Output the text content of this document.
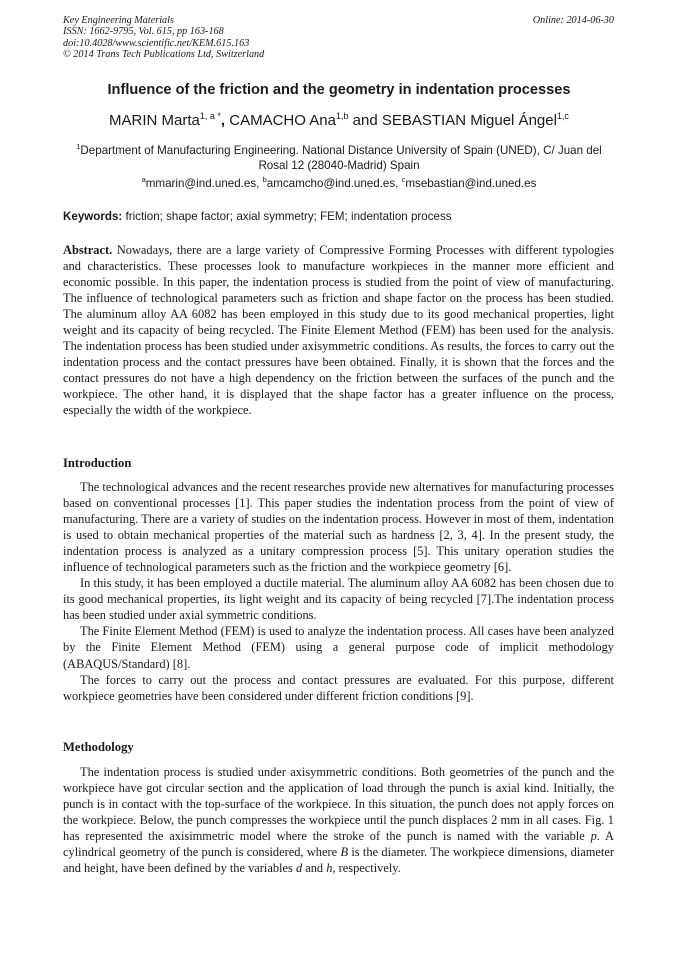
Key Engineering Materials
ISSN: 1662-9795, Vol. 615, pp 163-168
doi:10.4028/www.scientific.net/KEM.615.163
© 2014 Trans Tech Publications Ltd, Switzerland
Online: 2014-06-30
Influence of the friction and the geometry in indentation processes
MARIN Marta$^{1, a *}$, CAMACHO Ana$^{1,b}$ and SEBASTIAN Miguel Ángel$^{1,c}$
$^1$Department of Manufacturing Engineering. National Distance University of Spain (UNED), C/ Juan del Rosal 12 (28040-Madrid) Spain
$^a$mmarin@ind.uned.es, $^b$amcamcho@ind.uned.es, $^c$msebastian@ind.uned.es
Keywords: friction; shape factor; axial symmetry; FEM; indentation process

Abstract. Nowadays, there are a large variety of Compressive Forming Processes with different typologies and characteristics. These processes look to manufacture workpieces in the manner more efficient and economic possible. In this paper, the indentation process is studied from the point of view of manufacturing. The influence of technological parameters such as friction and shape factor on the process has been studied. The aluminum alloy AA 6082 has been employed in this study due to its good mechanical properties, light weight and its capacity of being recycled. The Finite Element Method (FEM) has been used for the analysis. The indentation process has been studied under axisymmetric conditions. As results, the forces to carry out the indentation process and the contact pressures have been obtained. Finally, it is shown that the forces and the contact pressures do not have a high dependency on the friction between the surfaces of the punch and the workpiece. The other hand, it is displayed that the shape factor has a greater influence on the process, especially the width of the workpiece.

Introduction

The technological advances and the recent researches provide new alternatives for manufacturing processes based on conventional processes [1]. This paper studies the indentation process from the point of view of manufacturing. There are a variety of studies on the indentation process. However in most of them, indentation is used to obtain mechanical properties of the material such as hardness [2, 3, 4]. In the present study, the indentation process is analyzed as a unitary compression process [5]. This unitary operation studies the influence of technological parameters such as the friction and the workpiece geometry [6].

In this study, it has been employed a ductile material. The aluminum alloy AA 6082 has been chosen due to its good mechanical properties, its light weight and its capacity of being recycled [7].The indentation process has been studied under axial symmetric conditions.

The Finite Element Method (FEM) is used to analyze the indentation process. All cases have been analyzed by the Finite Element Method (FEM) using a general purpose code of implicit methodology (ABAQUS/Standard) [8].

The forces to carry out the process and contact pressures are evaluated. For this purpose, different workpiece geometries have been considered under different friction conditions [9].

Methodology

The indentation process is studied under axisymmetric conditions. Both geometries of the punch and the workpiece have got circular section and the application of load through the punch is axial kind. Initially, the punch is in contact with the top-surface of the workpiece. In this situation, the punch does not apply forces on the workpiece. Below, the punch compresses the workpiece until the punch displaces 2 mm in all cases. Fig. 1 has represented the axisimmetric model where the stroke of the punch is named with the variable p. A cylindrical geometry of the punch is considered, where B is the diameter. The workpiece dimensions, diameter and height, have been defined by the variables d and h, respectively.
